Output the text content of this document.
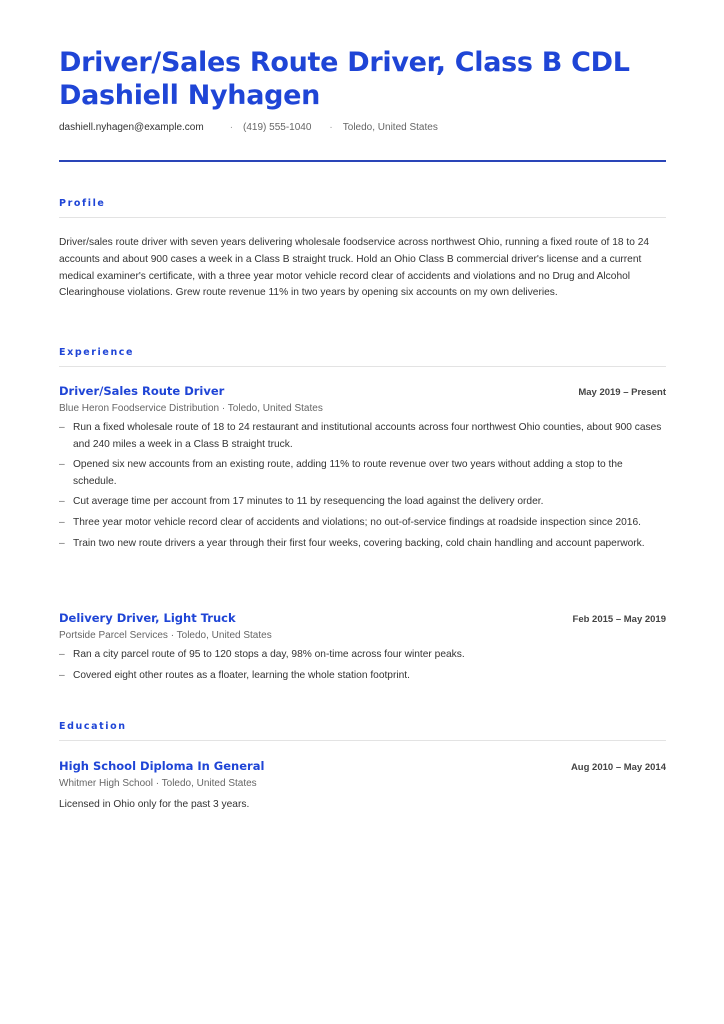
Driver/Sales Route Driver, Class B CDL
Dashiell Nyhagen
dashiell.nyhagen@example.com	· (419) 555-1040 · Toledo, United States
Profile

Driver/sales route driver with seven years delivering wholesale foodservice across northwest Ohio, running a fixed route of 18 to 24 accounts and about 900 cases a week in a Class B straight truck. Hold an Ohio Class B commercial driver's license and a current medical examiner's certificate, with a three year motor vehicle record clear of accidents and violations and no Drug and Alcohol Clearinghouse violations. Grew route revenue 11% in two years by opening six accounts on my own deliveries.

Experience
Driver/Sales Route Driver	May 2019 – Present
Blue Heron Foodservice Distribution · Toledo, United States
– Run a fixed wholesale route of 18 to 24 restaurant and institutional accounts across four northwest Ohio counties, about 900 cases and 240 miles a week in a Class B straight truck.
– Opened six new accounts from an existing route, adding 11% to route revenue over two years without adding a stop to the schedule.
– Cut average time per account from 17 minutes to 11 by resequencing the load against the delivery order.
– Three year motor vehicle record clear of accidents and violations; no out-of-service findings at roadside inspection since 2016.
– Train two new route drivers a year through their first four weeks, covering backing, cold chain handling and account paperwork.
Delivery Driver, Light Truck	Feb 2015 – May 2019
Portside Parcel Services · Toledo, United States
– Ran a city parcel route of 95 to 120 stops a day, 98% on-time across four winter peaks.
– Covered eight other routes as a floater, learning the whole station footprint.
Education
High School Diploma In General	Aug 2010 – May 2014
Whitmer High School · Toledo, United States

Licensed in Ohio only for the past 3 years.
